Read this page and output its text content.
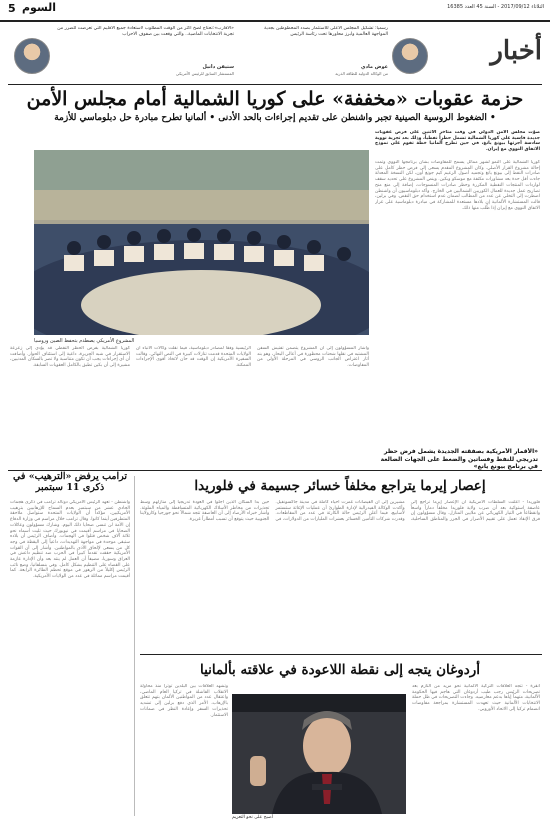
5 السوم	الثلاثاء 2017/09/12 - السنة 45 العدد 16385
أخبار
رسمياً: تشكيل المجلس الاعلى للاستثمار بصدد المحظوظين بجدية المواجهة العالمية وابرز محاورها تحت رئاسة الرئيس
عوض مادي
من الوكالة الدولية للطاقة الذرية
«الأقارب»:تحتاج لضخ أكثر من الوقت المطلوب لاستعادة جميع الاقليم التي تعرضت للضرر من تجربة الانتخابات الماضية.. والتي وقعت بين صفوف الاحزاب
ستيفن دانيل
المستشار السابق للرئيس الأمريكي
حزمة عقوبات «مخففة» على كوريا الشمالية أمام مجلس الأمن
• الضغوط الروسية الصينية تجبر واشنطن على تقديم إجراءات بالحد الأدنى • ألمانيا تطرح مبادرة حل دبلوماسي للأزمة
صوّت مجلس الأمن الدولي في وقت متأخر الاثنين على فرض عقوبات جديدة قاسية على كوريا الشمالية تشمل حظراً نفطياً، وذلك بعد تجربة نووية سادسة أجرتها بيونغ يانغ، في حين تطرح ألمانيا خطة تقوم على نموذج الاتفاق النووي مع إيران.
المشروع الأمريكي يصطدم بتحفظ الصين وروسيا
كوريا الشمالية على النمو لشهر مماثل يسمح للمفاوضات بشأن برنامجها النووي وتمت إحالة مشروع القرار الأصلي. وكان المشروع المقدم يسعى إلى فرض حظر كامل على صادرات النفط إلى بيونغ يانغ وتجميد أصول الزعيم كيم جونغ أون، لكن النسخة المعدلة جاءت أقل حدة بعد مشاورات مكثفة مع موسكو وبكين. وينص المشروع على تحديد سقف لواردات المنتجات النفطية المكررة وحظر صادرات المنسوجات، إضافة إلى منع منح تصاريح عمل جديدة للعمال الكوريين الشماليين في الخارج. وأكد دبلوماسيون أن واشنطن اضطرت إلى التخلي عن عدد من المطالب لضمان عدم استخدام حق النقض. وفي برلين، قالت المستشارة الألمانية إن بلادها مستعدة للمشاركة في مبادرة دبلوماسية على غرار الاتفاق النووي مع إيران إذا طُلب منها ذلك.
«الأقمار الأمريكية بصفقته الجديدة يشمل فرض حظر تدريجي للنفط وفساتين والضغط على الجهات الضالعة في برنامج بيونغ يانغ»
كوريا الشمالية بفرض الحظر النفطي قد يؤدي إلى زعزعة الاستقرار في شبه الجزيرة، داعية إلى استئناف الحوار. وأضافت أن أي إجراءات يجب أن تكون متناسبة ولا تضر بالسكان المدنيين، مشيرة إلى أن بكين تطبق بالكامل العقوبات السابقة.
الرئيسية وفقاً لمصادر دبلوماسية، فيما نقلت وكالات الأنباء أن الولايات المتحدة قدمت تنازلات كبيرة في النص النهائي. وقالت السفيرة الأمريكية إن الوقت قد حان لاتخاذ أقوى الإجراءات الممكنة.
وأشار المسؤولون إلى أن المشروع يتضمن تفتيش السفن المشتبه في نقلها شحنات محظورة في أعالي البحار، وهو بند أثار اعتراض الجانب الروسي في المرحلة الأولى من المفاوضات.
إعصار إيرما يتراجع مخلفاً خسائر جسيمة في فلوريدا
فلوريدا - أعلنت السلطات الأمريكية أن الإعصار إيرما تراجع إلى عاصفة استوائية بعد أن ضرب ولاية فلوريدا مخلفاً دماراً واسعاً وانقطاعاً في التيار الكهربائي عن ملايين المنازل. وقال مسؤولون إن فرق الإنقاذ تعمل على تقييم الأضرار في الجزر والمناطق الساحلية، مشيرين إلى أن الفيضانات غمرت أحياء كاملة في مدينة جاكسونفيل. وأكدت الوكالة الفيدرالية لإدارة الطوارئ أن عمليات الإغاثة ستستمر لأسابيع، فيما أعلن الرئيس حالة الكارثة في عدد من المقاطعات. وقدرت شركات التأمين الخسائر بعشرات المليارات من الدولارات، في حين بدأ السكان الذين أُجلوا في العودة تدريجياً إلى منازلهم وسط تحذيرات من مخاطر الأسلاك الكهربائية المتساقطة والمياه الملوثة. وأشار خبراء الأرصاد إلى أن العاصفة تتجه شمالاً نحو جورجيا وكارولاينا الجنوبية حيث يتوقع أن تسبب أمطاراً غزيرة.
ترامب يرفض «الترهيب» في ذكرى 11 سبتمبر
واشنطن - تعهد الرئيس الأمريكي دونالد ترامب في ذكرى هجمات الحادي عشر من سبتمبر بعدم السماح للإرهابيين بترهيب الأمريكيين، مؤكداً أن الولايات المتحدة ستواصل ملاحقة المتطرفين أينما كانوا. وقال ترامب خلال مراسم في وزارة الدفاع إن الأمة لن تنسى ضحايا ذلك اليوم. وشارك مسؤولون وعائلات الضحايا في مراسم أقيمت في نيويورك حيث تليت أسماء نحو ثلاثة آلاف شخص قتلوا في الهجمات. وأضاف الرئيس أن بلاده ستبقى موحدة في مواجهة التهديدات، داعياً إلى اليقظة في وجه كل من يسعى لإلحاق الأذى بالمواطنين. وأشار إلى أن القوات الأمريكية حققت تقدماً كبيراً في الحرب ضد تنظيم داعش في العراق وسوريا، مضيفاً أن العمل لم ينته بعد وأن الإدارة عازمة على القضاء على التنظيم بشكل كامل. وفي بنسلفانيا، وضع نائب الرئيس إكليلاً من الزهور في موقع تحطم الطائرة الرابعة. كما أقيمت مراسم مماثلة في عدد من الولايات الأمريكية.
أردوغان يتجه إلى نقطة اللاعودة في علاقته بألمانيا
أنقرة - تتجه العلاقات التركية الألمانية نحو مزيد من التأزم بعد تصريحات الرئيس رجب طيب أردوغان التي هاجم فيها الحكومة الألمانية، متهماً إياها بدعم معارضيه. وجاءت التصريحات في ظل حملة الانتخابات الألمانية حيث تعهدت المستشارة بمراجعة مفاوضات انضمام تركيا إلى الاتحاد الأوروبي.
وتشهد العلاقات بين البلدين توتراً منذ محاولة الانقلاب الفاشلة في تركيا العام الماضي، واعتقال عدد من المواطنين الألمان بتهم تتعلق بالإرهاب، الأمر الذي دفع برلين إلى تشديد تحذيرات السفر وإعادة النظر في ضمانات الاستثمار.
أصبح على نحو التعزيم
